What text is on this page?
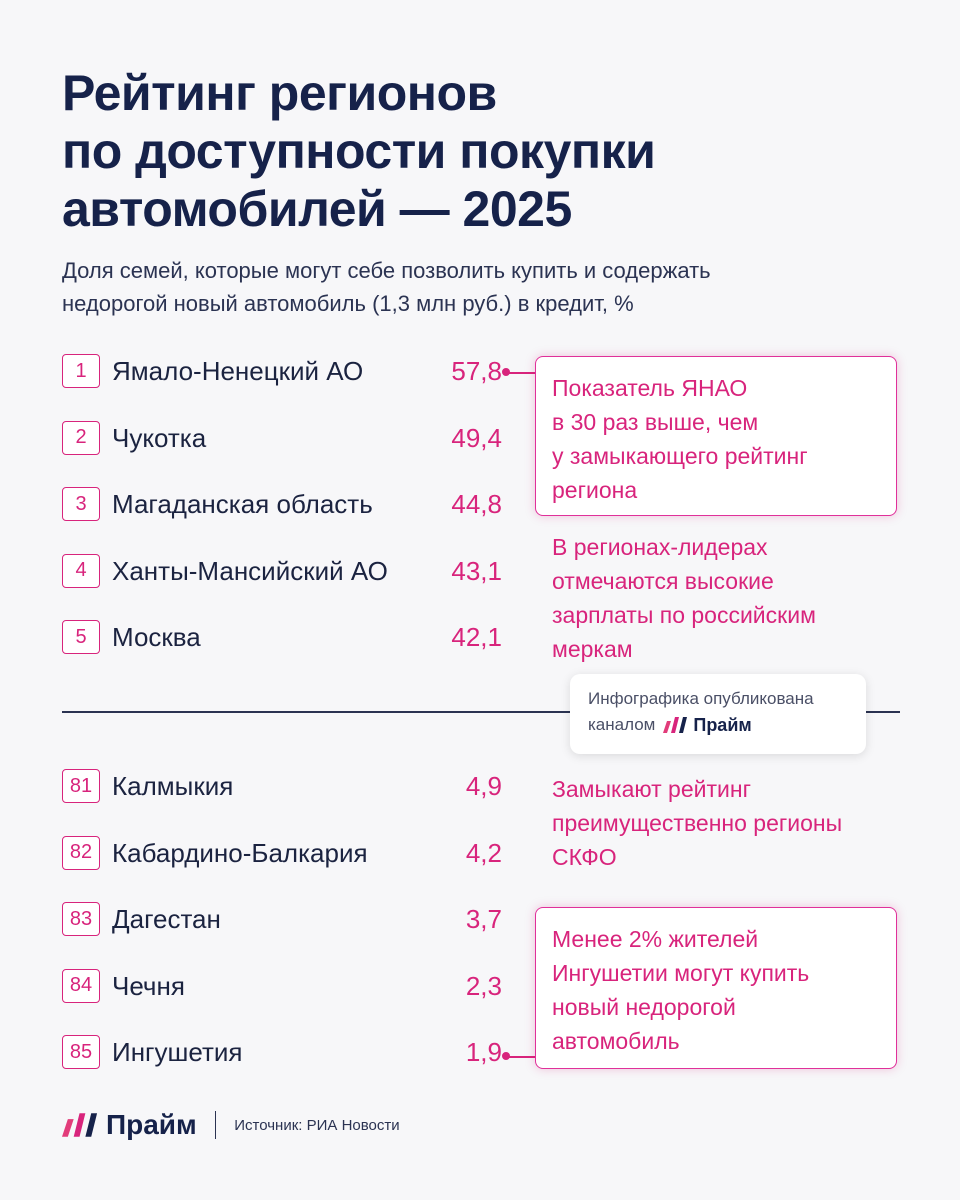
Рейтинг регионов
по доступности покупки
автомобилей — 2025
Доля семей, которые могут себе позволить купить и содержать
недорогой новый автомобиль (1,3 млн руб.) в кредит, %
1 Ямало-Ненецкий АО	57,8
2 Чукотка	49,4
3 Магаданская область	44,8
4 Ханты-Мансийский АО	43,1
5 Москва	42,1
81 Калмыкия	4,9
82 Кабардино-Балкария	4,2
83 Дагестан	3,7
84 Чечня	2,3
85 Ингушетия	1,9
Показатель ЯНАО
в 30 раз выше, чем
у замыкающего рейтинг
региона
В регионах-лидерах
отмечаются высокие
зарплаты по российским
меркам
Инфографика опубликована
каналом Прайм
Замыкают рейтинг
преимущественно регионы
СКФО
Менее 2% жителей
Ингушетии могут купить
новый недорогой
автомобиль
Прайм	Источник: РИА Новости
